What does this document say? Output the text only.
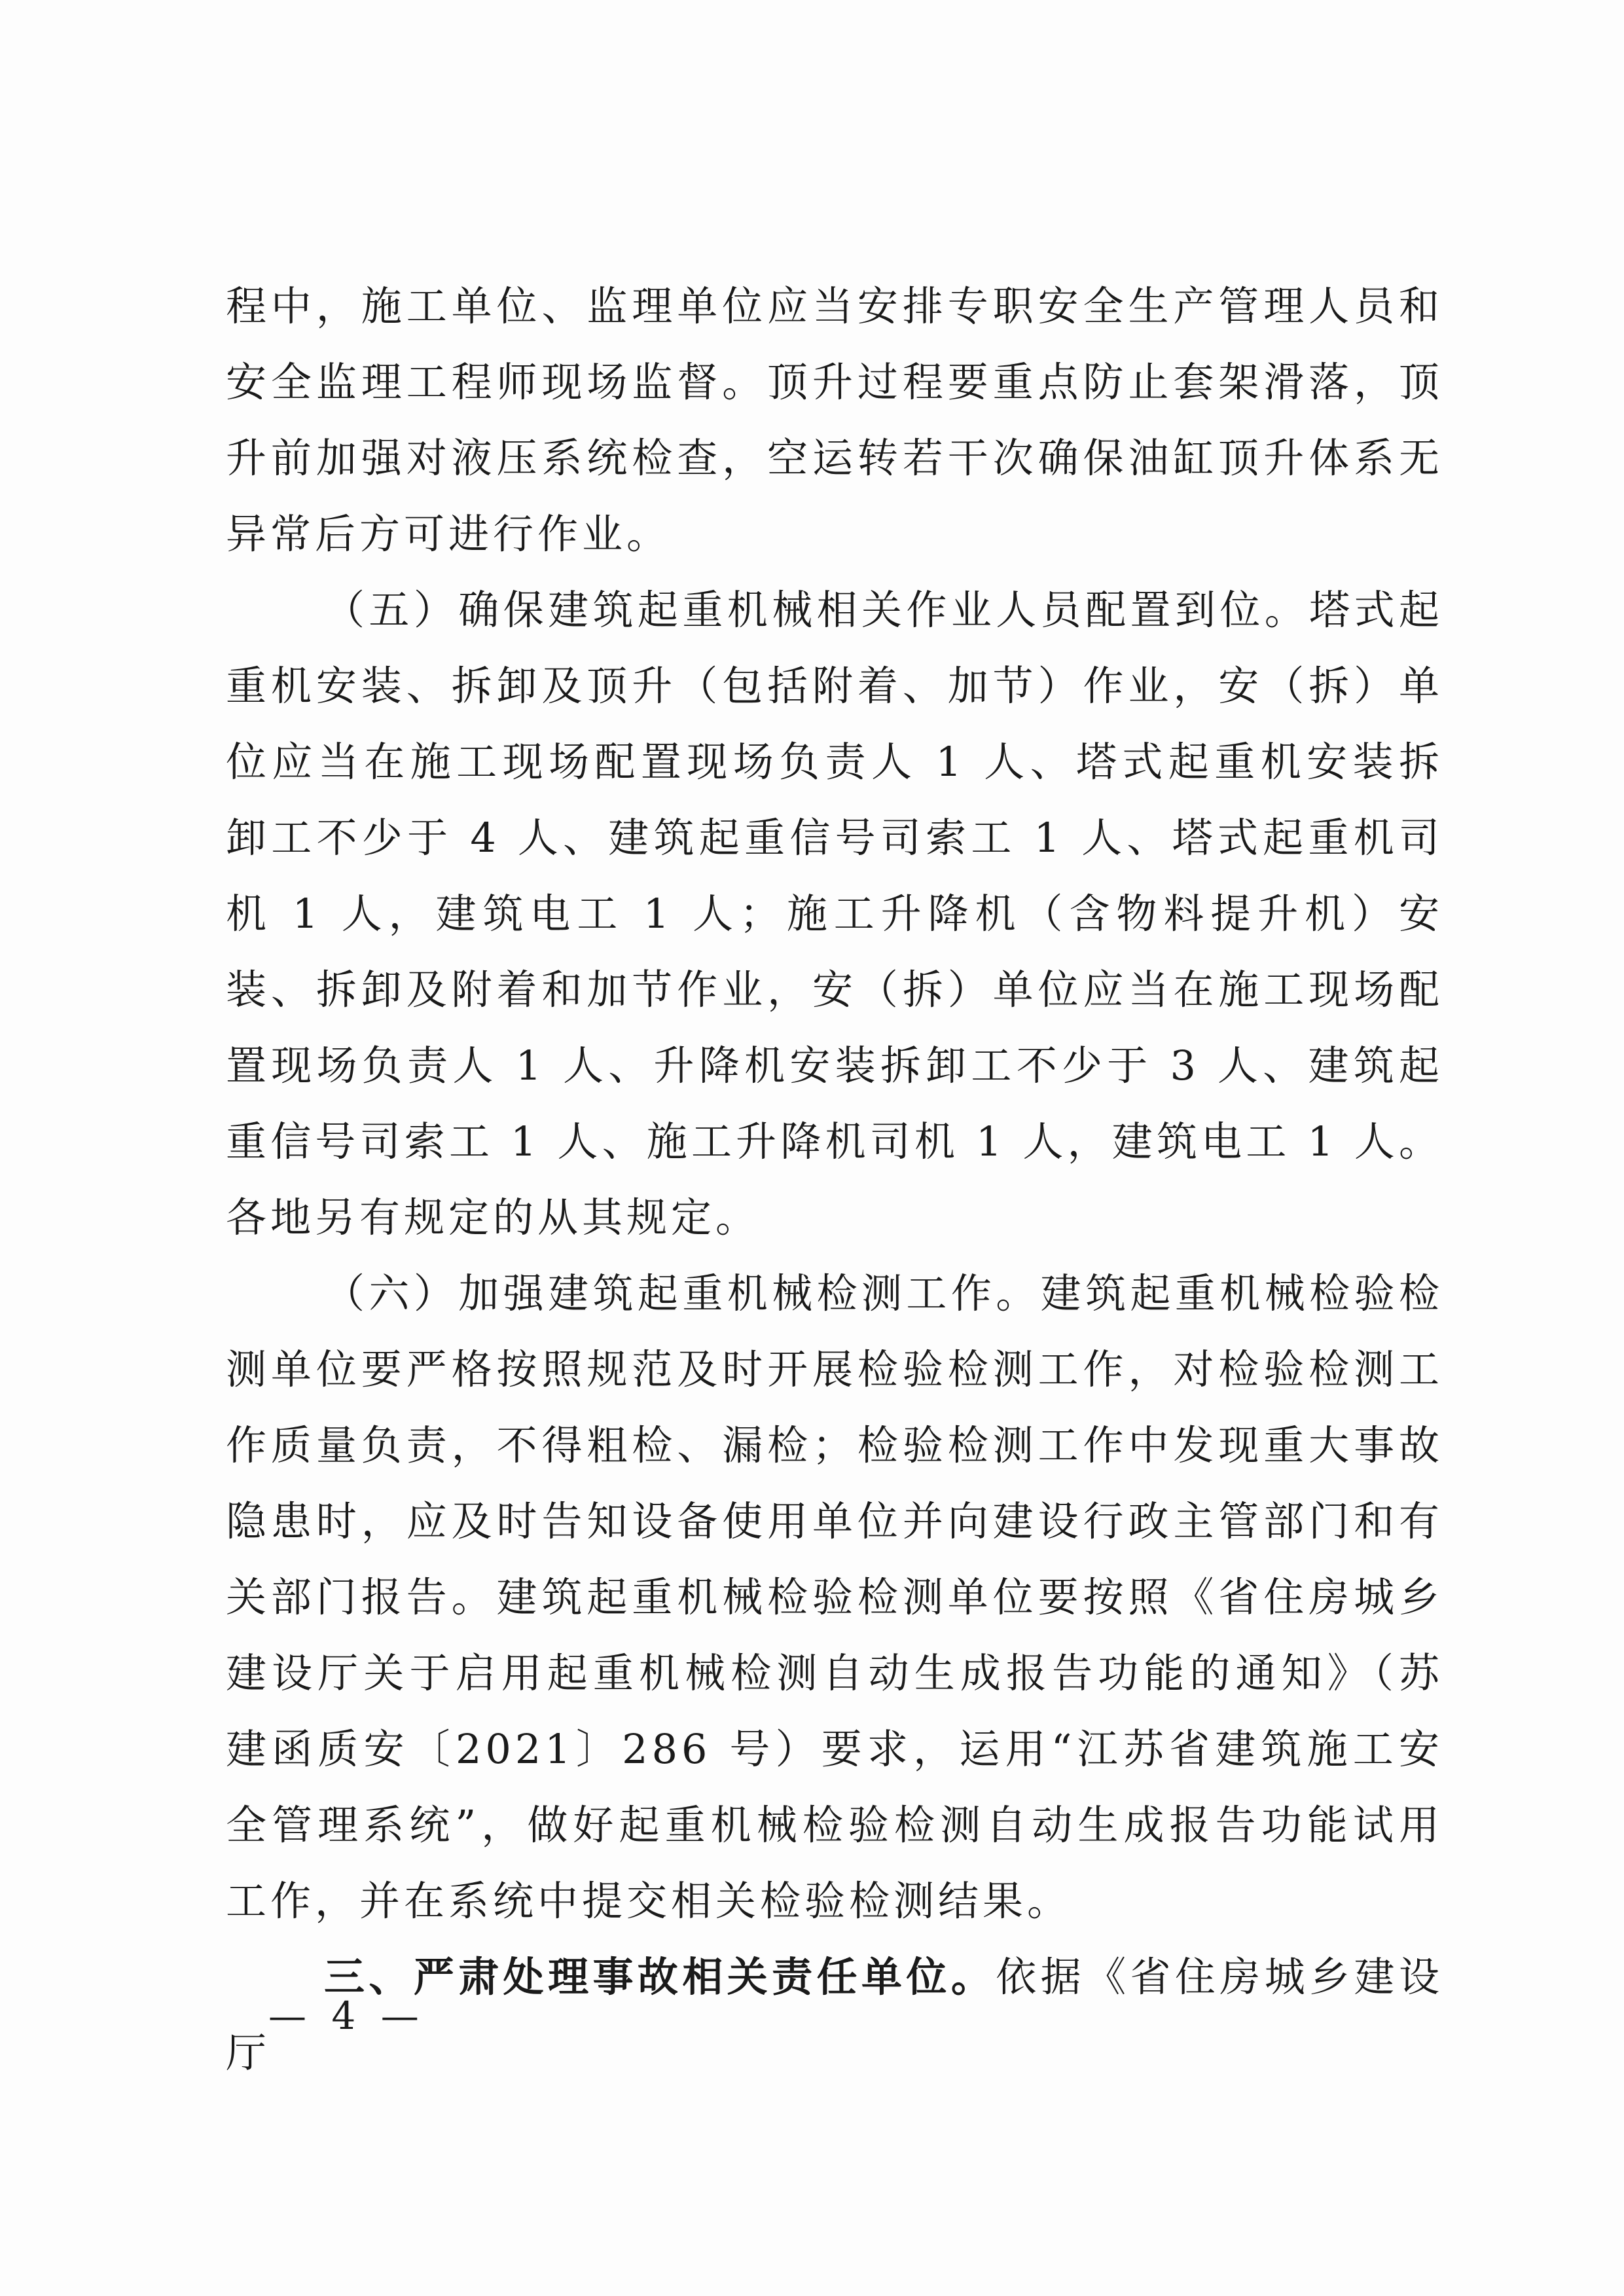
程中，施工单位、监理单位应当安排专职安全生产管理人员和安全监理工程师现场监督。顶升过程要重点防止套架滑落，顶升前加强对液压系统检查，空运转若干次确保油缸顶升体系无异常后方可进行作业。

（五）确保建筑起重机械相关作业人员配置到位。塔式起重机安装、拆卸及顶升（包括附着、加节）作业，安（拆）单位应当在施工现场配置现场负责人 1 人、塔式起重机安装拆卸工不少于 4 人、建筑起重信号司索工 1 人、塔式起重机司机 1 人，建筑电工 1 人；施工升降机（含物料提升机）安装、拆卸及附着和加节作业，安（拆）单位应当在施工现场配置现场负责人 1 人、升降机安装拆卸工不少于 3 人、建筑起重信号司索工 1 人、施工升降机司机 1 人，建筑电工 1 人。各地另有规定的从其规定。

（六）加强建筑起重机械检测工作。建筑起重机械检验检测单位要严格按照规范及时开展检验检测工作，对检验检测工作质量负责，不得粗检、漏检；检验检测工作中发现重大事故隐患时，应及时告知设备使用单位并向建设行政主管部门和有关部门报告。建筑起重机械检验检测单位要按照《省住房城乡建设厅关于启用起重机械检测自动生成报告功能的通知》（苏建函质安〔2021〕286 号）要求，运用“江苏省建筑施工安全管理系统”，做好起重机械检验检测自动生成报告功能试用工作，并在系统中提交相关检验检测结果。

三、严肃处理事故相关责任单位。依据《省住房城乡建设厅

— 4 —
